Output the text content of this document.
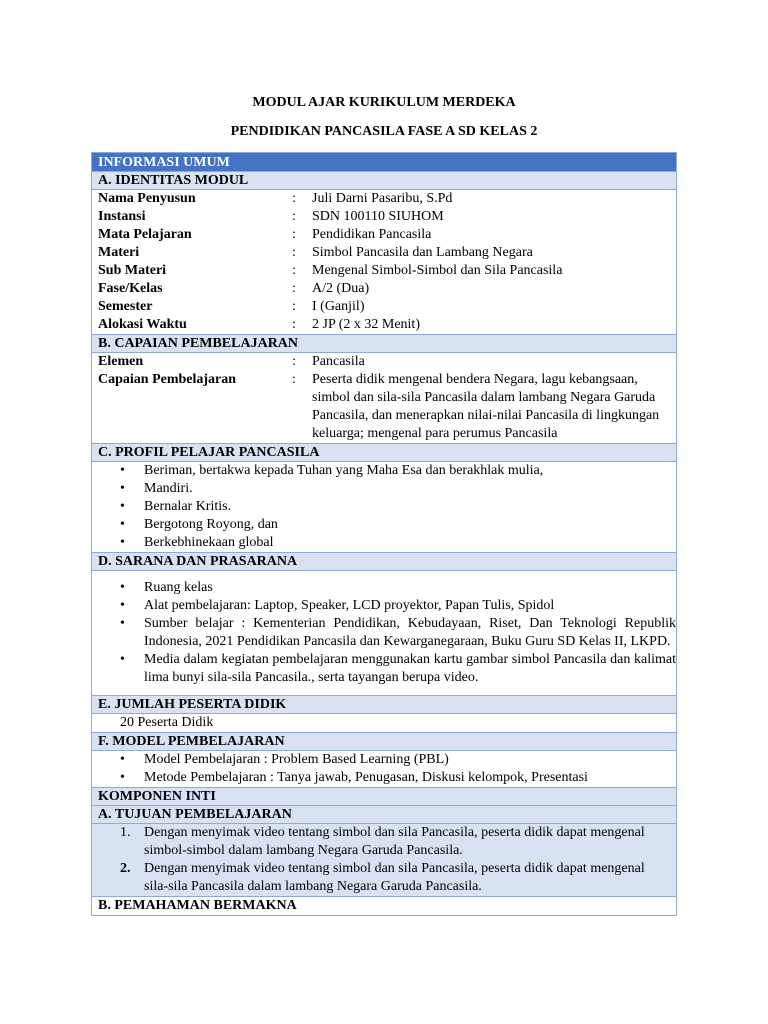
MODUL AJAR KURIKULUM MERDEKA
PENDIDIKAN PANCASILA FASE A SD KELAS 2
INFORMASI UMUM
A. IDENTITAS MODUL
Nama Penyusun	:	Juli Darni Pasaribu, S.Pd
Instansi	:	SDN 100110 SIUHOM
Mata Pelajaran	:	Pendidikan Pancasila
Materi	:	Simbol Pancasila dan Lambang Negara
Sub Materi	:	Mengenal Simbol-Simbol dan Sila Pancasila
Fase/Kelas	:	A/2 (Dua)
Semester	:	I (Ganjil)
Alokasi Waktu	:	2 JP (2 x 32 Menit)
B. CAPAIAN PEMBELAJARAN
Elemen	:	Pancasila
Capaian Pembelajaran	:	Peserta didik mengenal bendera Negara, lagu kebangsaan, simbol dan sila-sila Pancasila dalam lambang Negara Garuda Pancasila, dan menerapkan nilai-nilai Pancasila di lingkungan keluarga; mengenal para perumus Pancasila
C. PROFIL PELAJAR PANCASILA
• Beriman, bertakwa kepada Tuhan yang Maha Esa dan berakhlak mulia,
• Mandiri.
• Bernalar Kritis.
• Bergotong Royong, dan
• Berkebhinekaan global
D. SARANA DAN PRASARANA
• Ruang kelas
• Alat pembelajaran: Laptop, Speaker, LCD proyektor, Papan Tulis, Spidol
• Sumber belajar : Kementerian Pendidikan, Kebudayaan, Riset, Dan Teknologi Republik Indonesia, 2021 Pendidikan Pancasila dan Kewarganegaraan, Buku Guru SD Kelas II, LKPD.
• Media dalam kegiatan pembelajaran menggunakan kartu gambar simbol Pancasila dan kalimat lima bunyi sila-sila Pancasila., serta tayangan berupa video.
E. JUMLAH PESERTA DIDIK
20 Peserta Didik
F. MODEL PEMBELAJARAN
• Model Pembelajaran : Problem Based Learning (PBL)
• Metode Pembelajaran : Tanya jawab, Penugasan, Diskusi kelompok, Presentasi
KOMPONEN INTI
A. TUJUAN PEMBELAJARAN
1. Dengan menyimak video tentang simbol dan sila Pancasila, peserta didik dapat mengenal simbol-simbol dalam lambang Negara Garuda Pancasila.
2. Dengan menyimak video tentang simbol dan sila Pancasila, peserta didik dapat mengenal sila-sila Pancasila dalam lambang Negara Garuda Pancasila.
B. PEMAHAMAN BERMAKNA
